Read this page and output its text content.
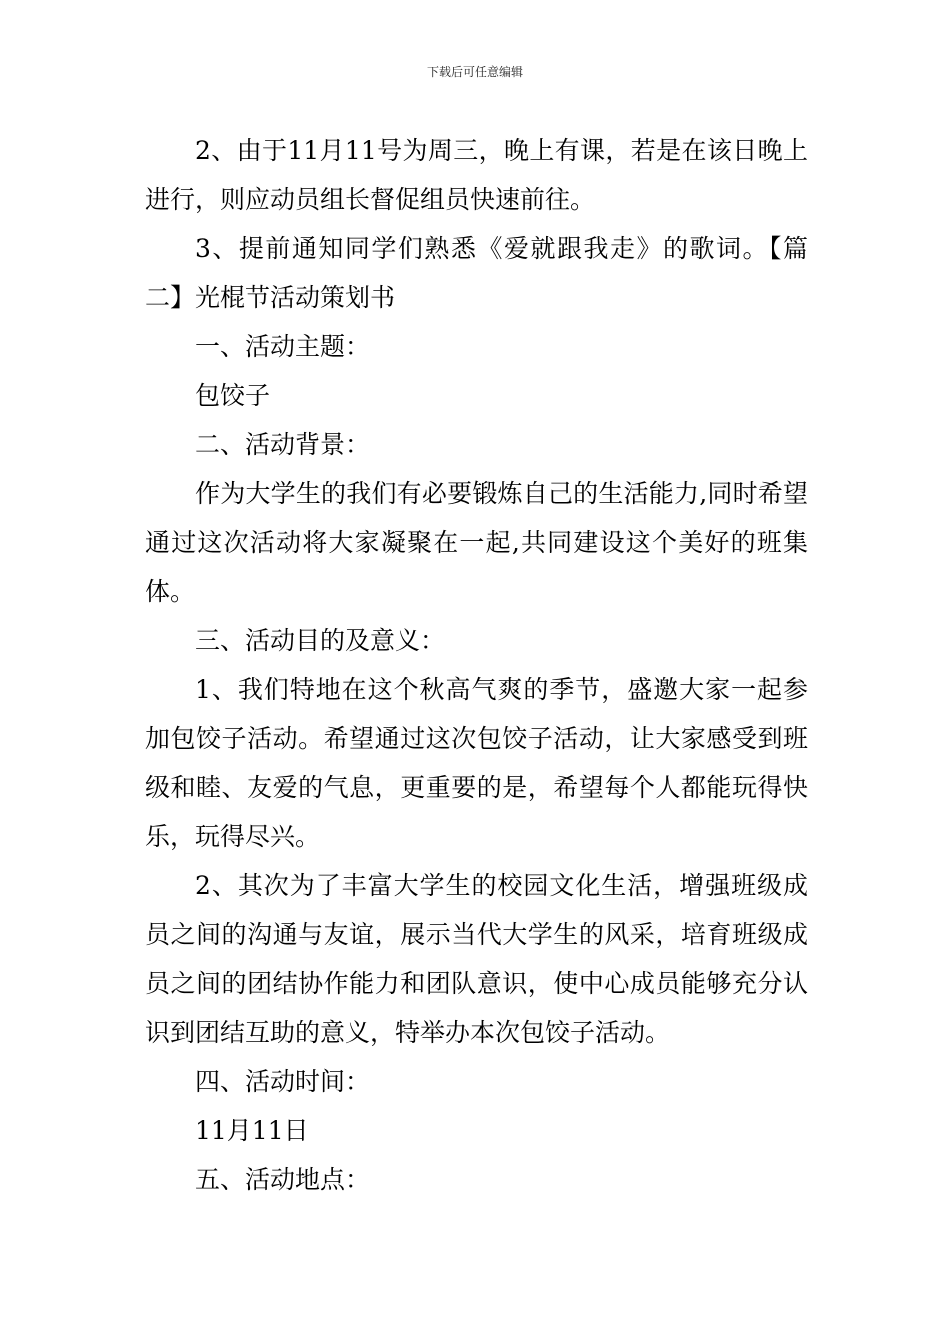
下载后可任意编辑

2、由于11月11号为周三，晚上有课，若是在该日晚上进行，则应动员组长督促组员快速前往。

3、提前通知同学们熟悉《爱就跟我走》的歌词。【篇二】光棍节活动策划书

一、活动主题：

包饺子

二、活动背景：

作为大学生的我们有必要锻炼自己的生活能力,同时希望通过这次活动将大家凝聚在一起,共同建设这个美好的班集体。

三、活动目的及意义：

1、我们特地在这个秋高气爽的季节，盛邀大家一起参加包饺子活动。希望通过这次包饺子活动，让大家感受到班级和睦、友爱的气息，更重要的是，希望每个人都能玩得快乐，玩得尽兴。

2、其次为了丰富大学生的校园文化生活，增强班级成员之间的沟通与友谊，展示当代大学生的风采，培育班级成员之间的团结协作能力和团队意识，使中心成员能够充分认识到团结互助的意义，特举办本次包饺子活动。

四、活动时间：

11月11日

五、活动地点：
